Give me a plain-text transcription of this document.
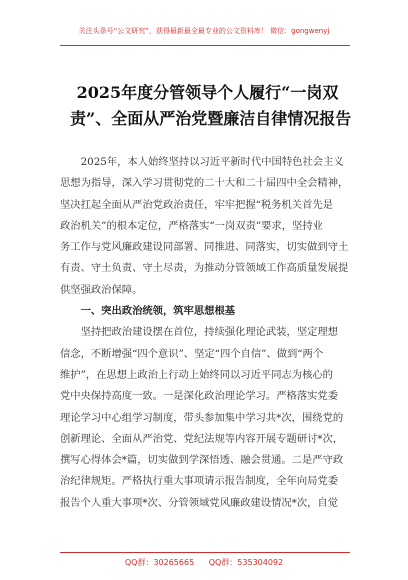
关注头条号“公文研究”，获得最新最全最专业的公文资料库！ 微信：gongwenyj
2025年度分管领导个人履行“一岗双
责”、全面从严治党暨廉洁自律情况报告
　　2025年，本人始终坚持以习近平新时代中国特色社会主义
思想为指导，深入学习贯彻党的二十大和二十届四中全会精神，
坚决扛起全面从严治党政治责任，牢牢把握“税务机关首先是
政治机关”的根本定位，严格落实“一岗双责”要求，坚持业
务工作与党风廉政建设同部署、同推进、同落实，切实做到守土
有责、守土负责、守土尽责，为推动分管领域工作高质量发展提
供坚强政治保障。
　　一、突出政治统领，筑牢思想根基
　　坚持把政治建设摆在首位，持续强化理论武装，坚定理想
信念，不断增强“四个意识”、坚定“四个自信”、做到“两个
维护”，在思想上政治上行动上始终同以习近平同志为核心的
党中央保持高度一致。一是深化政治理论学习。严格落实党委
理论学习中心组学习制度，带头参加集中学习共*次，围绕党的
创新理论、全面从严治党、党纪法规等内容开展专题研讨*次，
撰写心得体会*篇，切实做到学深悟透、融会贯通。二是严守政
治纪律规矩。严格执行重大事项请示报告制度，全年向局党委
报告个人重大事项*次、分管领域党风廉政建设情况*次，自觉
QQ群：30265665 QQ群：535304092
